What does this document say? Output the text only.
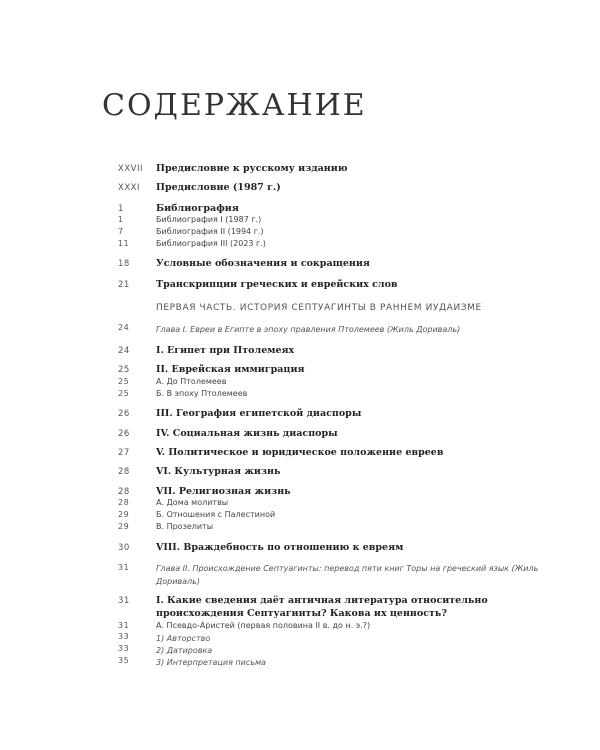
СОДЕРЖАНИЕ
XXVII	Предисловие к русскому изданию
XXXI	Предисловие (1987 г.)
1	Библиография
1	Библиография I (1987 г.)
7	Библиография II (1994 г.)
11	Библиография III (2023 г.)
18	Условные обозначения и сокращения
21	Транскрипции греческих и еврейских слов
ПЕРВАЯ ЧАСТЬ. ИСТОРИЯ СЕПТУАГИНТЫ В РАННЕМ ИУДАИЗМЕ
24	Глава I. Евреи в Египте в эпоху правления Птолемеев (Жиль Дориваль)
24	I. Египет при Птолемеях
25	II. Еврейская иммиграция
25	А. До Птолемеев
25	Б. В эпоху Птолемеев
26	III. География египетской диаспоры
26	IV. Социальная жизнь диаспоры
27	V. Политическое и юридическое положение евреев
28	VI. Культурная жизнь
28	VII. Религиозная жизнь
28	А. Дома молитвы
29	Б. Отношения с Палестиной
29	В. Прозелиты
30	VIII. Враждебность по отношению к евреям
31	Глава II. Происхождение Септуагинты: перевод пяти книг Торы на греческий язык (Жиль Дориваль)
31	I. Какие сведения даёт античная литература относительно происхождения Септуагинты? Какова их ценность?
31	А. Псевдо-Аристей (первая половина II в. до н. э.?)
33	1) Авторство
33	2) Датировка
35	3) Интерпретация письма
